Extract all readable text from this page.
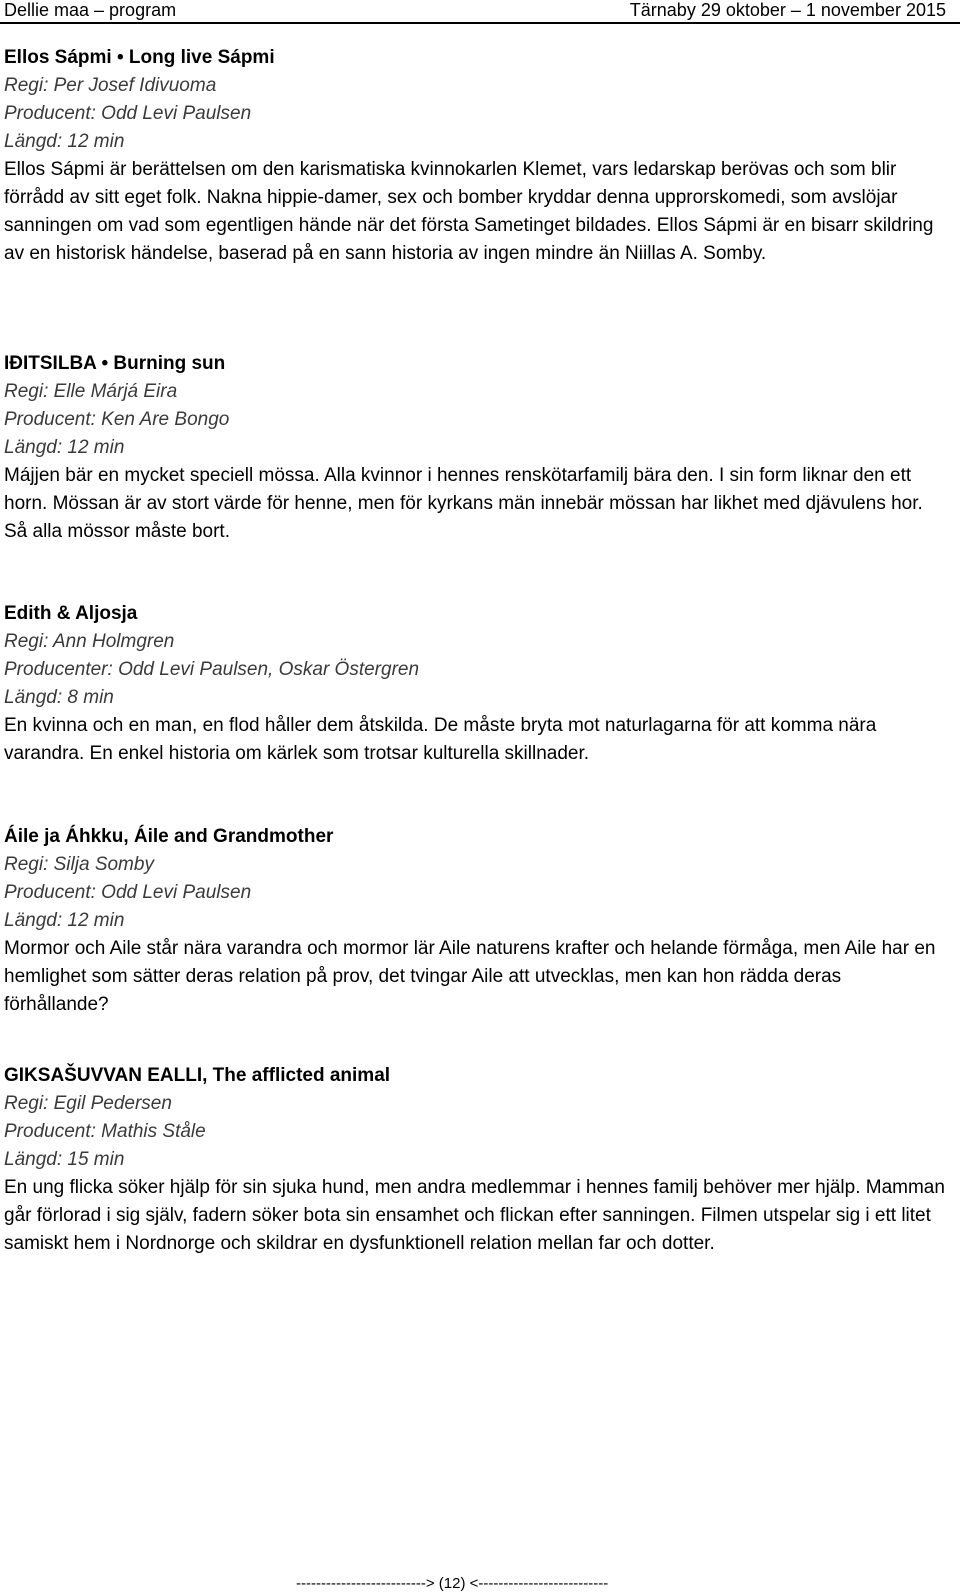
Dellie maa – program	Tärnaby 29 oktober – 1 november 2015

Ellos Sápmi • Long live Sápmi

Regi: Per Josef Idivuoma

Producent: Odd Levi Paulsen

Längd: 12 min

Ellos Sápmi är berättelsen om den karismatiska kvinnokarlen Klemet, vars ledarskap berövas och som blir förrådd av sitt eget folk. Nakna hippie-damer, sex och bomber kryddar denna upprorskomedi, som avslöjar sanningen om vad som egentligen hände när det första Sametinget bildades. Ellos Sápmi är en bisarr skildring av en historisk händelse, baserad på en sann historia av ingen mindre än Niillas A. Somby.

IÐITSILBA • Burning sun

Regi: Elle Márjá Eira

Producent: Ken Are Bongo

Längd: 12 min

Májjen bär en mycket speciell mössa. Alla kvinnor i hennes renskötarfamilj bära den. I sin form liknar den ett horn. Mössan är av stort värde för henne, men för kyrkans män innebär mössan har likhet med djävulens hor. Så alla mössor måste bort.

Edith & Aljosja

Regi: Ann Holmgren

Producenter: Odd Levi Paulsen, Oskar Östergren

Längd: 8 min

En kvinna och en man, en flod håller dem åtskilda. De måste bryta mot naturlagarna för att komma nära varandra. En enkel historia om kärlek som trotsar kulturella skillnader.

Áile ja Áhkku, Áile and Grandmother

Regi: Silja Somby

Producent: Odd Levi Paulsen

Längd: 12 min

Mormor och Aile står nära varandra och mormor lär Aile naturens krafter och helande förmåga, men Aile har en hemlighet som sätter deras relation på prov, det tvingar Aile att utvecklas, men kan hon rädda deras förhållande?

GIKSAŠUVVAN EALLI, The afflicted animal

Regi: Egil Pedersen

Producent: Mathis Ståle

Längd: 15 min

En ung flicka söker hjälp för sin sjuka hund, men andra medlemmar i hennes familj behöver mer hjälp. Mamman går förlorad i sig själv, fadern söker bota sin ensamhet och flickan efter sanningen. Filmen utspelar sig i ett litet samiskt hem i Nordnorge och skildrar en dysfunktionell relation mellan far och dotter.

--------------------------> (12) <--------------------------
